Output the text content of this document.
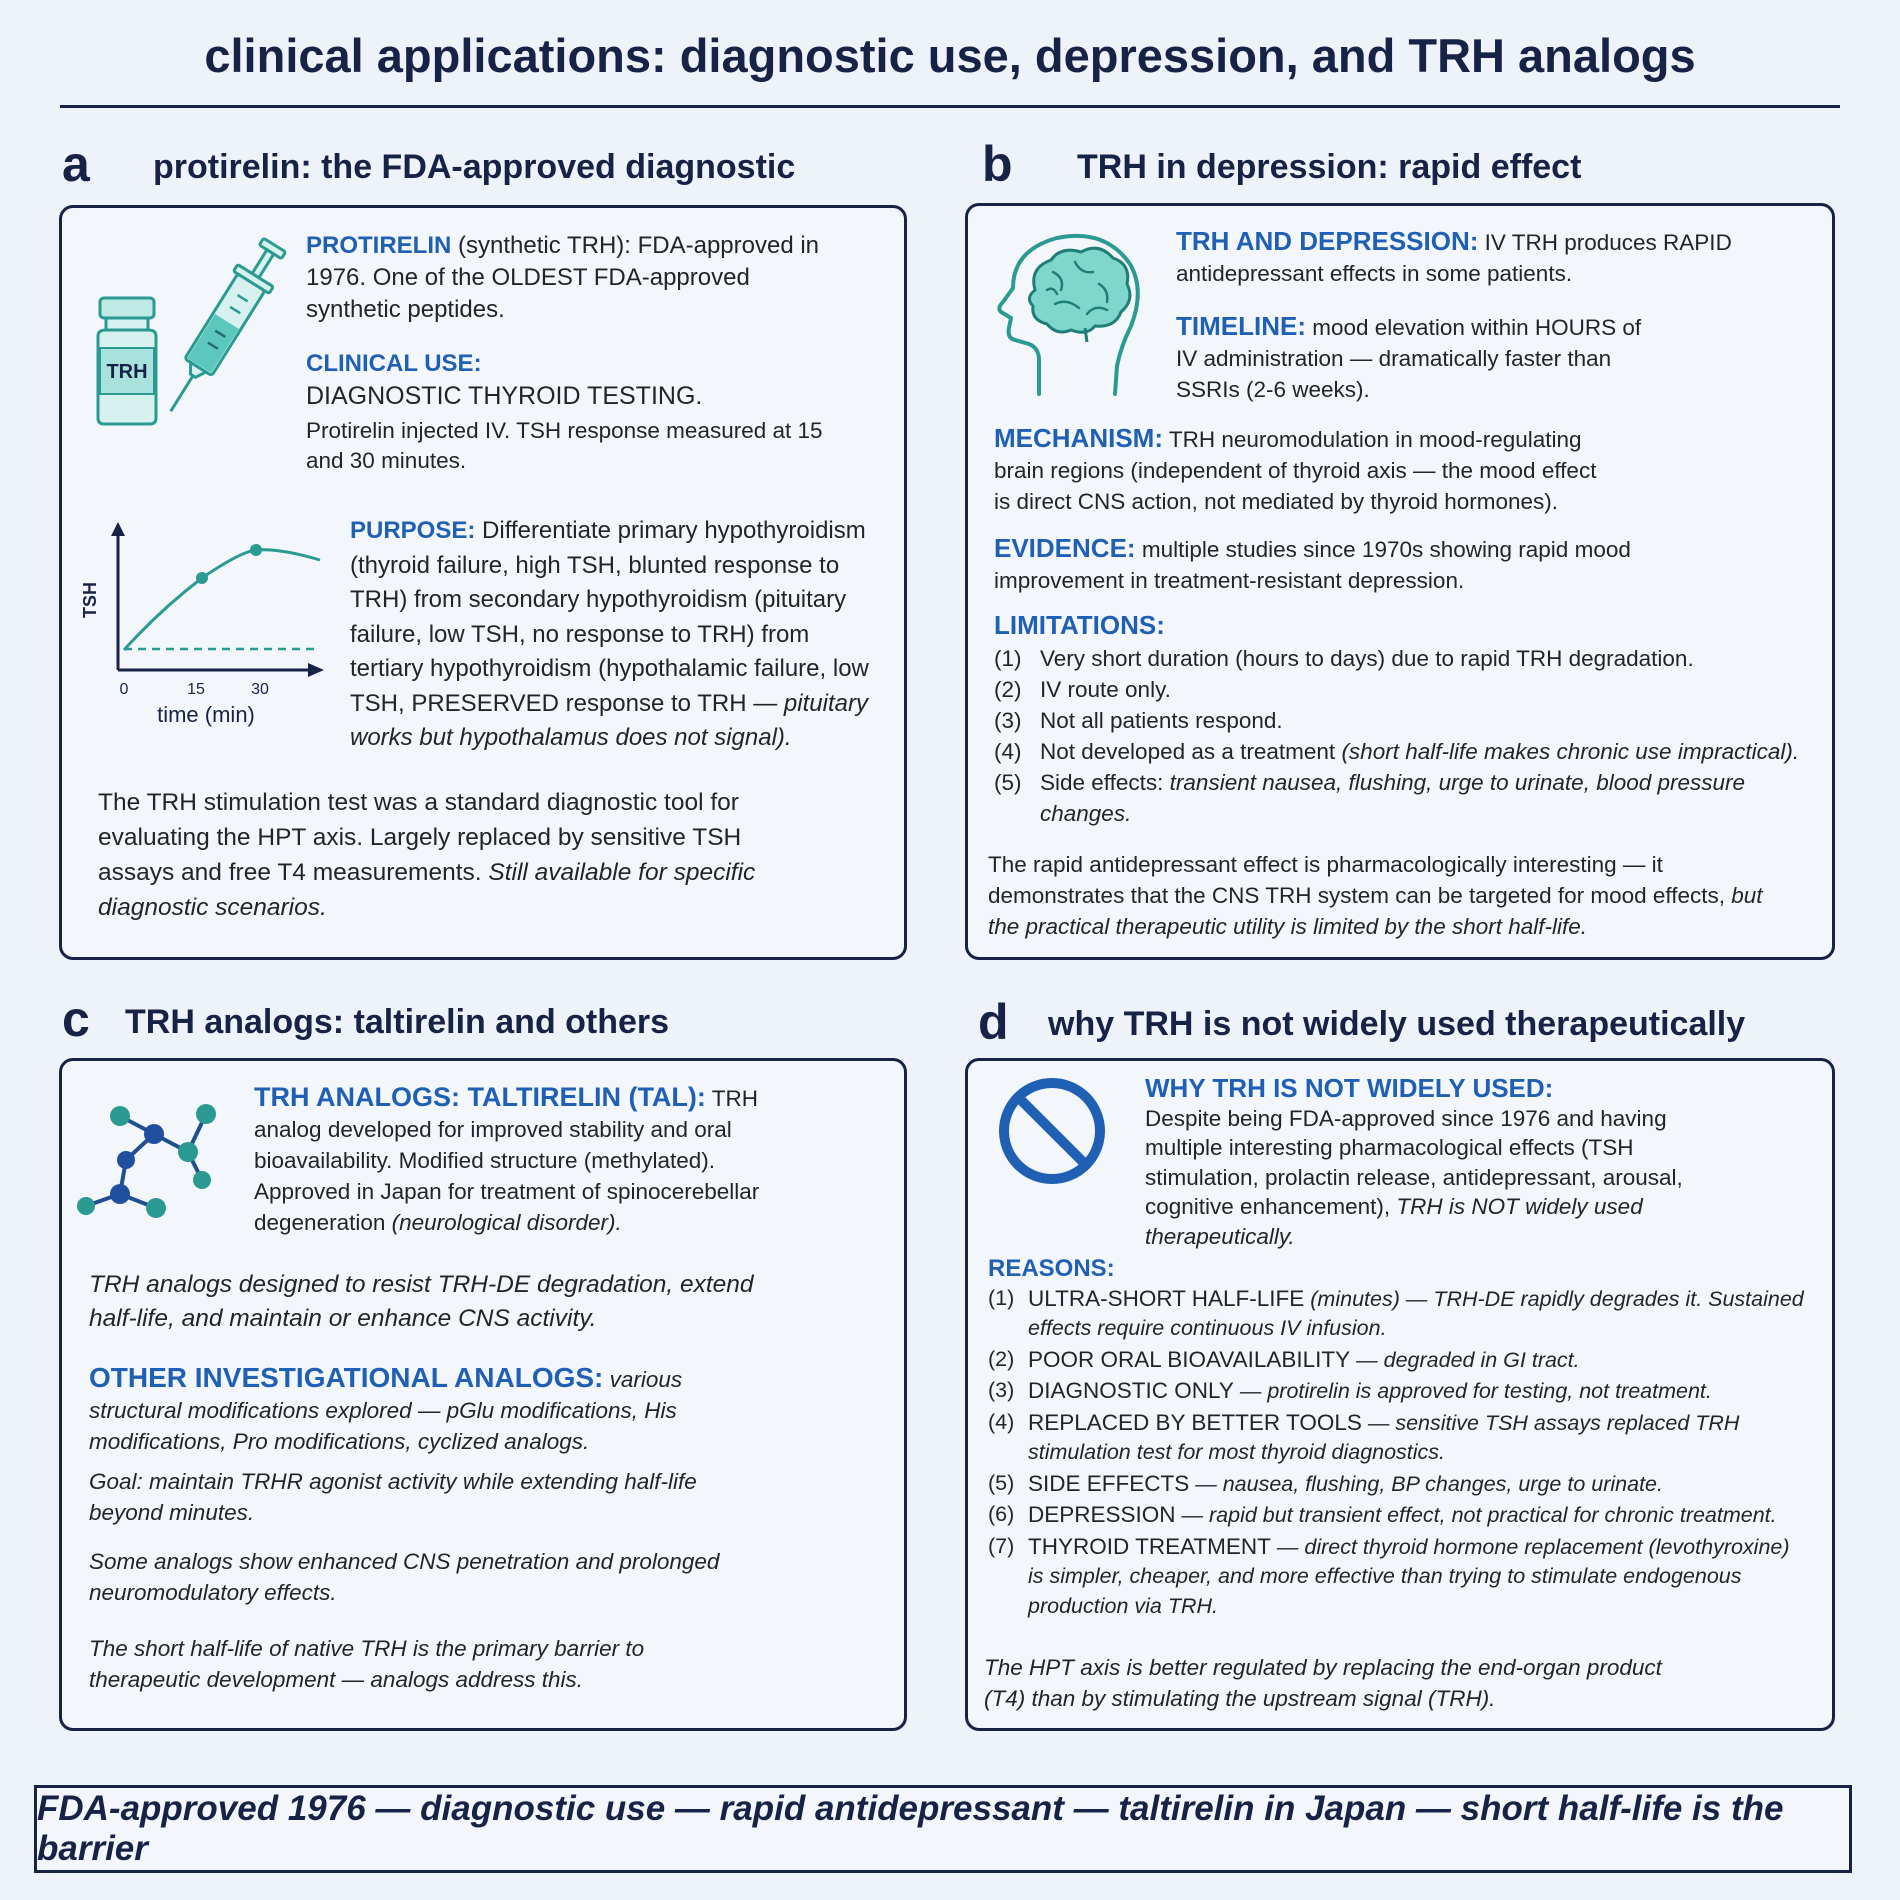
clinical applications: diagnostic use, depression, and TRH analogs
a protirelin: the FDA-approved diagnostic
TRH
PROTIRELIN (synthetic TRH): FDA-approved in 1976. One of the OLDEST FDA-approved synthetic peptides.
CLINICAL USE:
DIAGNOSTIC THYROID TESTING.
Protirelin injected IV. TSH response measured at 15 and 30 minutes.
TSH
0	15	30
time (min)
PURPOSE: Differentiate primary hypothyroidism (thyroid failure, high TSH, blunted response to TRH) from secondary hypothyroidism (pituitary failure, low TSH, no response to TRH) from tertiary hypothyroidism (hypothalamic failure, low TSH, PRESERVED response to TRH — pituitary works but hypothalamus does not signal).
The TRH stimulation test was a standard diagnostic tool for evaluating the HPT axis. Largely replaced by sensitive TSH assays and free T4 measurements. Still available for specific diagnostic scenarios.
b TRH in depression: rapid effect
TRH AND DEPRESSION: IV TRH produces RAPID antidepressant effects in some patients.
TIMELINE: mood elevation within HOURS of IV administration — dramatically faster than SSRIs (2-6 weeks).
MECHANISM: TRH neuromodulation in mood-regulating brain regions (independent of thyroid axis — the mood effect is direct CNS action, not mediated by thyroid hormones).
EVIDENCE: multiple studies since 1970s showing rapid mood improvement in treatment-resistant depression.
LIMITATIONS:
(1) Very short duration (hours to days) due to rapid TRH degradation.
(2) IV route only.
(3) Not all patients respond.
(4) Not developed as a treatment (short half-life makes chronic use impractical).
(5) Side effects: transient nausea, flushing, urge to urinate, blood pressure changes.
The rapid antidepressant effect is pharmacologically interesting — it demonstrates that the CNS TRH system can be targeted for mood effects, but the practical therapeutic utility is limited by the short half-life.
c TRH analogs: taltirelin and others
TRH ANALOGS: TALTIRELIN (TAL): TRH analog developed for improved stability and oral bioavailability. Modified structure (methylated). Approved in Japan for treatment of spinocerebellar degeneration (neurological disorder).
TRH analogs designed to resist TRH-DE degradation, extend half-life, and maintain or enhance CNS activity.
OTHER INVESTIGATIONAL ANALOGS: various structural modifications explored — pGlu modifications, His modifications, Pro modifications, cyclized analogs.
Goal: maintain TRHR agonist activity while extending half-life beyond minutes.
Some analogs show enhanced CNS penetration and prolonged neuromodulatory effects.
The short half-life of native TRH is the primary barrier to therapeutic development — analogs address this.
d why TRH is not widely used therapeutically
WHY TRH IS NOT WIDELY USED:
Despite being FDA-approved since 1976 and having multiple interesting pharmacological effects (TSH stimulation, prolactin release, antidepressant, arousal, cognitive enhancement), TRH is NOT widely used therapeutically.
REASONS:
(1) ULTRA-SHORT HALF-LIFE (minutes) — TRH-DE rapidly degrades it. Sustained effects require continuous IV infusion.
(2) POOR ORAL BIOAVAILABILITY — degraded in GI tract.
(3) DIAGNOSTIC ONLY — protirelin is approved for testing, not treatment.
(4) REPLACED BY BETTER TOOLS — sensitive TSH assays replaced TRH stimulation test for most thyroid diagnostics.
(5) SIDE EFFECTS — nausea, flushing, BP changes, urge to urinate.
(6) DEPRESSION — rapid but transient effect, not practical for chronic treatment.
(7) THYROID TREATMENT — direct thyroid hormone replacement (levothyroxine) is simpler, cheaper, and more effective than trying to stimulate endogenous production via TRH.
The HPT axis is better regulated by replacing the end-organ product (T4) than by stimulating the upstream signal (TRH).
FDA-approved 1976 — diagnostic use — rapid antidepressant — taltirelin in Japan — short half-life is the barrier
